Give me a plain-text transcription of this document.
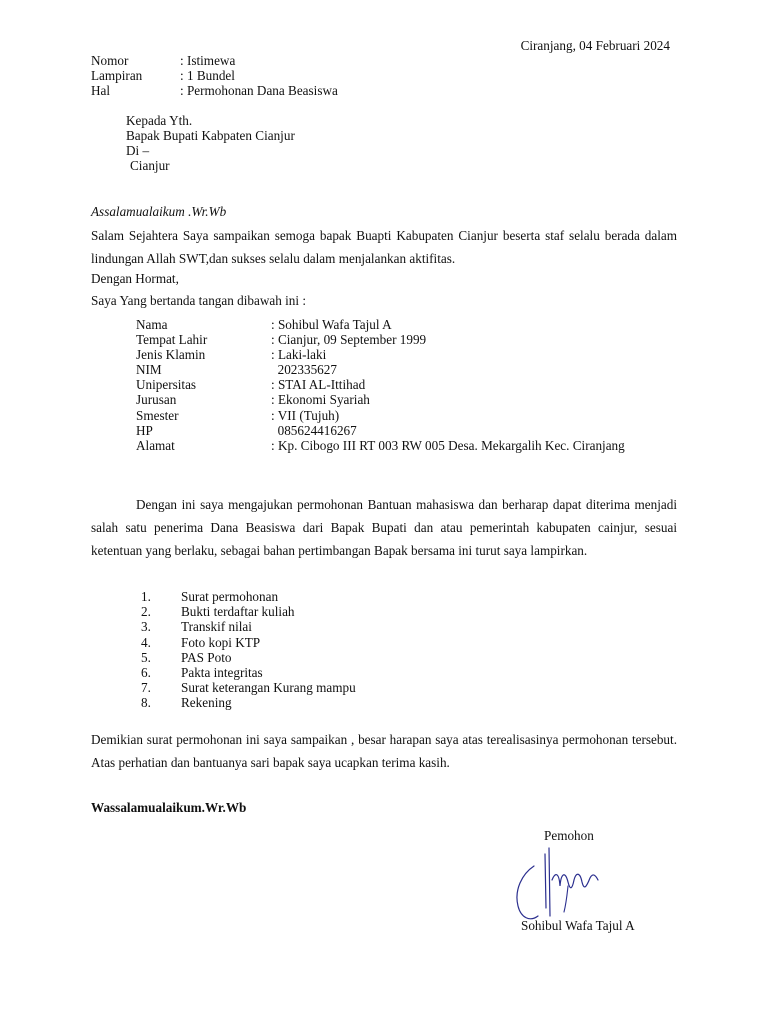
Ciranjang, 04 Februari 2024
Nomor	: Istimewa
Lampiran	: 1 Bundel
Hal	: Permohonan Dana Beasiswa
Kepada Yth.
Bapak Bupati Kabpaten Cianjur
Di –
Cianjur
Assalamualaikum .Wr.Wb
Salam Sejahtera Saya sampaikan semoga bapak Buapti Kabupaten Cianjur beserta staf selalu berada dalam lindungan Allah SWT,dan sukses selalu dalam menjalankan aktifitas.
Dengan Hormat,
Saya Yang bertanda tangan dibawah ini :
Nama	: Sohibul Wafa Tajul A
Tempat Lahir	: Cianjur, 09 September 1999
Jenis Klamin	: Laki-laki
NIM	202335627
Unipersitas	: STAI AL-Ittihad
Jurusan	: Ekonomi Syariah
Smester	: VII (Tujuh)
HP	085624416267
Alamat	: Kp. Cibogo III RT 003 RW 005 Desa. Mekargalih Kec. Ciranjang
Dengan ini saya mengajukan permohonan Bantuan mahasiswa dan berharap dapat diterima menjadi salah satu penerima Dana Beasiswa dari Bapak Bupati dan atau pemerintah kabupaten cainjur, sesuai ketentuan yang berlaku, sebagai bahan pertimbangan Bapak bersama ini turut saya lampirkan.
1.	Surat permohonan
2.	Bukti terdaftar kuliah
3.	Transkif nilai
4.	Foto kopi KTP
5.	PAS Poto
6.	Pakta integritas
7.	Surat keterangan Kurang mampu
8.	Rekening
Demikian surat permohonan ini saya sampaikan , besar harapan saya atas terealisasinya permohonan tersebut. Atas perhatian dan bantuanya sari bapak saya ucapkan terima kasih.
Wassalamualaikum.Wr.Wb
Pemohon
Sohibul Wafa Tajul A
